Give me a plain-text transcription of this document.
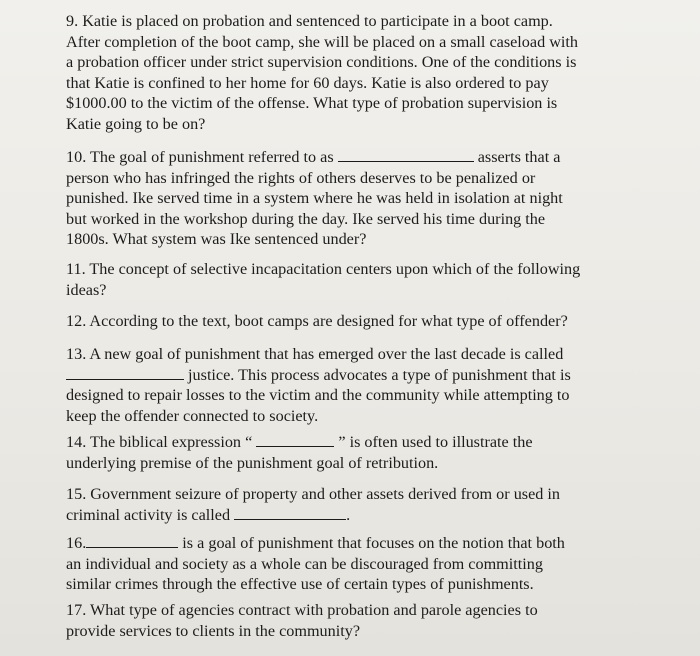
9. Katie is placed on probation and sentenced to participate in a boot camp.
After completion of the boot camp, she will be placed on a small caseload with
a probation officer under strict supervision conditions. One of the conditions is
that Katie is confined to her home for 60 days. Katie is also ordered to pay
$1000.00 to the victim of the offense. What type of probation supervision is
Katie going to be on?
10. The goal of punishment referred to as	asserts that a
person who has infringed the rights of others deserves to be penalized or
punished. Ike served time in a system where he was held in isolation at night
but worked in the workshop during the day. Ike served his time during the
1800s. What system was Ike sentenced under?
11. The concept of selective incapacitation centers upon which of the following
ideas?
12. According to the text, boot camps are designed for what type of offender?
13. A new goal of punishment that has emerged over the last decade is called
justice. This process advocates a type of punishment that is
designed to repair losses to the victim and the community while attempting to
keep the offender connected to society.
14. The biblical expression “	” is often used to illustrate the
underlying premise of the punishment goal of retribution.
15. Government seizure of property and other assets derived from or used in
criminal activity is called	.
16.	is a goal of punishment that focuses on the notion that both
an individual and society as a whole can be discouraged from committing
similar crimes through the effective use of certain types of punishments.
17. What type of agencies contract with probation and parole agencies to
provide services to clients in the community?
